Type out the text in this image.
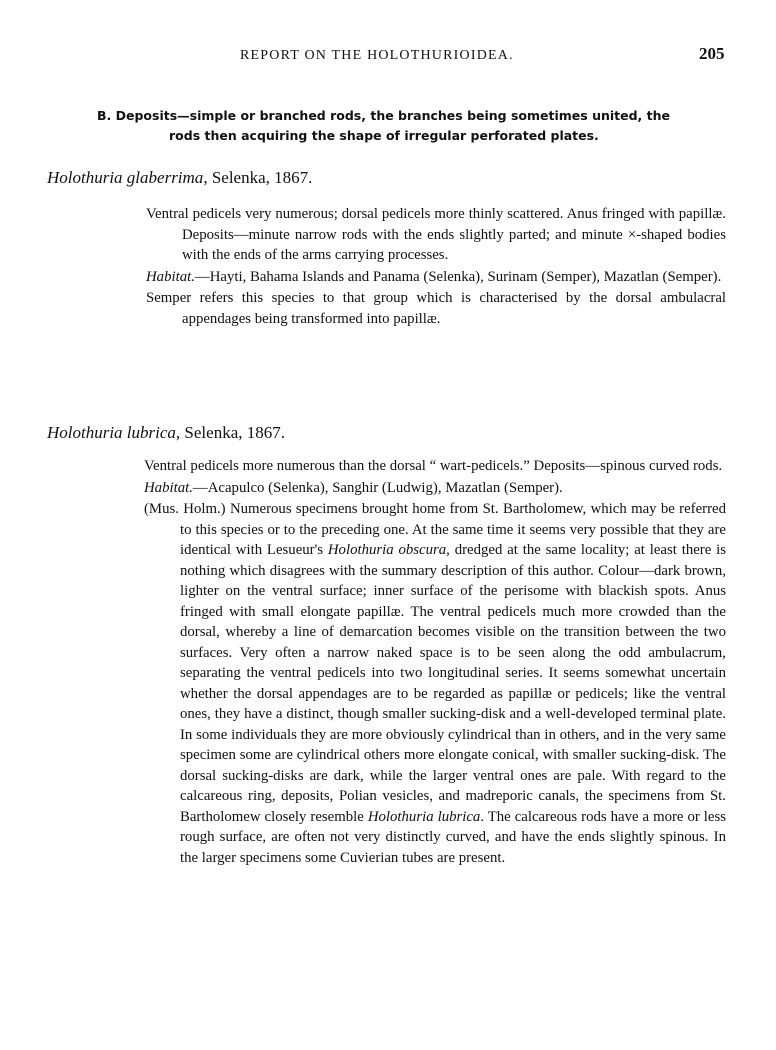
REPORT ON THE HOLOTHURIOIDEA.	205
B. Deposits—simple or branched rods, the branches being sometimes united, the
rods then acquiring the shape of irregular perforated plates.
Holothuria glaberrima, Selenka, 1867.

Ventral pedicels very numerous; dorsal pedicels more thinly scattered. Anus fringed with papillæ. Deposits—minute narrow rods with the ends slightly parted; and minute ×-shaped bodies with the ends of the arms carrying processes.

Habitat.—Hayti, Bahama Islands and Panama (Selenka), Surinam (Semper), Mazatlan (Semper).

Semper refers this species to that group which is characterised by the dorsal ambulacral appendages being transformed into papillæ.

Holothuria lubrica, Selenka, 1867.

Ventral pedicels more numerous than the dorsal “ wart-pedicels.” Deposits—spinous curved rods.

Habitat.—Acapulco (Selenka), Sanghir (Ludwig), Mazatlan (Semper).

(Mus. Holm.) Numerous specimens brought home from St. Bartholomew, which may be referred to this species or to the preceding one. At the same time it seems very possible that they are identical with Lesueur's Holothuria obscura, dredged at the same locality; at least there is nothing which disagrees with the summary description of this author. Colour—dark brown, lighter on the ventral surface; inner surface of the perisome with blackish spots. Anus fringed with small elongate papillæ. The ventral pedicels much more crowded than the dorsal, whereby a line of demarcation becomes visible on the transition between the two surfaces. Very often a narrow naked space is to be seen along the odd ambulacrum, separating the ventral pedicels into two longitudinal series. It seems somewhat uncertain whether the dorsal appendages are to be regarded as papillæ or pedicels; like the ventral ones, they have a distinct, though smaller sucking-disk and a well-developed terminal plate. In some individuals they are more obviously cylindrical than in others, and in the very same specimen some are cylindrical others more elongate conical, with smaller sucking-disk. The dorsal sucking-disks are dark, while the larger ventral ones are pale. With regard to the calcareous ring, deposits, Polian vesicles, and madreporic canals, the specimens from St. Bartholomew closely resemble Holothuria lubrica. The calcareous rods have a more or less rough surface, are often not very distinctly curved, and have the ends slightly spinous. In the larger specimens some Cuvierian tubes are present.
